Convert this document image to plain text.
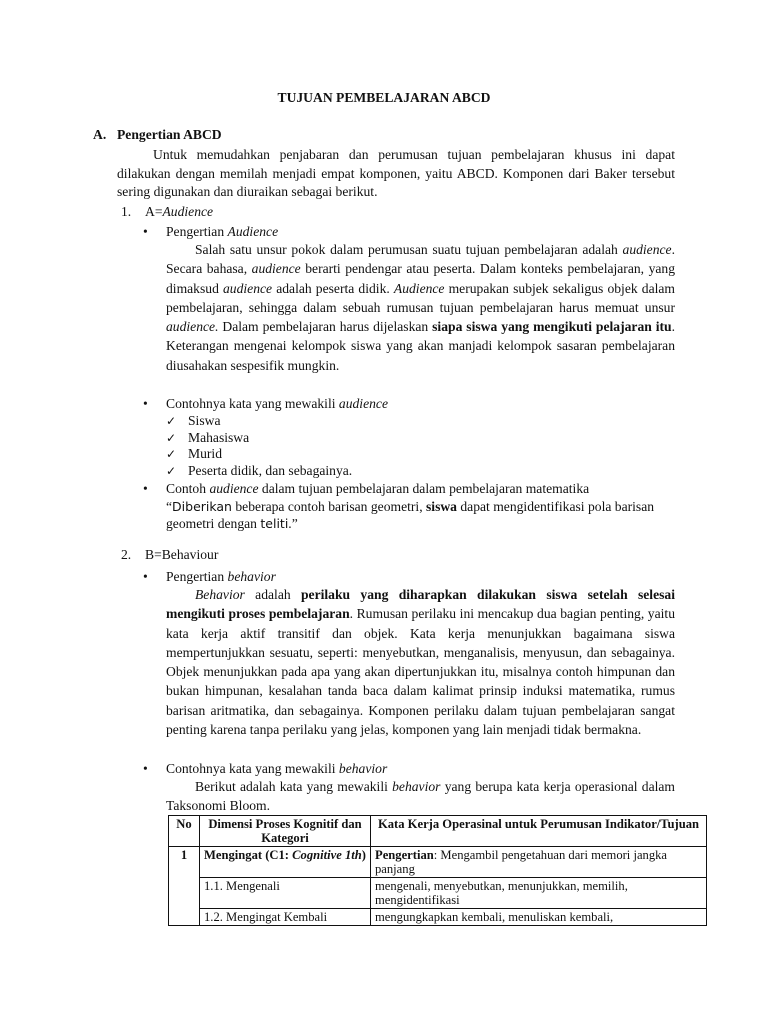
TUJUAN PEMBELAJARAN ABCD
A. Pengertian ABCD
Untuk memudahkan penjabaran dan perumusan tujuan pembelajaran khusus ini dapat dilakukan dengan memilah menjadi empat komponen, yaitu ABCD. Komponen dari Baker tersebut sering digunakan dan diuraikan sebagai berikut.
1. A=Audience
• Pengertian Audience
Salah satu unsur pokok dalam perumusan suatu tujuan pembelajaran adalah audience. Secara bahasa, audience berarti pendengar atau peserta. Dalam konteks pembelajaran, yang dimaksud audience adalah peserta didik. Audience merupakan subjek sekaligus objek dalam pembelajaran, sehingga dalam sebuah rumusan tujuan pembelajaran harus memuat unsur audience. Dalam pembelajaran harus dijelaskan siapa siswa yang mengikuti pelajaran itu. Keterangan mengenai kelompok siswa yang akan manjadi kelompok sasaran pembelajaran diusahakan sespesifik mungkin.
• Contohnya kata yang mewakili audience
✓ Siswa
✓ Mahasiswa
✓ Murid
✓ Peserta didik, dan sebagainya.
• Contoh audience dalam tujuan pembelajaran dalam pembelajaran matematika
“Diberikan beberapa contoh barisan geometri, siswa dapat mengidentifikasi pola barisan geometri dengan teliti.”
2. B=Behaviour
• Pengertian behavior
Behavior adalah perilaku yang diharapkan dilakukan siswa setelah selesai mengikuti proses pembelajaran. Rumusan perilaku ini mencakup dua bagian penting, yaitu kata kerja aktif transitif dan objek. Kata kerja menunjukkan bagaimana siswa mempertunjukkan sesuatu, seperti: menyebutkan, menganalisis, menyusun, dan sebagainya. Objek menunjukkan pada apa yang akan dipertunjukkan itu, misalnya contoh himpunan dan bukan himpunan, kesalahan tanda baca dalam kalimat prinsip induksi matematika, rumus barisan aritmatika, dan sebagainya. Komponen perilaku dalam tujuan pembelajaran sangat penting karena tanpa perilaku yang jelas, komponen yang lain menjadi tidak bermakna.
• Contohnya kata yang mewakili behavior
Berikut adalah kata yang mewakili behavior yang berupa kata kerja operasional dalam Taksonomi Bloom.
No	Dimensi Proses Kognitif dan Kategori	Kata Kerja Operasinal untuk Perumusan Indikator/Tujuan
1	Mengingat (C1: Cognitive 1th)	Pengertian: Mengambil pengetahuan dari memori jangka panjang
	1.1. Mengenali	mengenali, menyebutkan, menunjukkan, memilih, mengidentifikasi
	1.2. Mengingat Kembali	mengungkapkan kembali, menuliskan kembali,
